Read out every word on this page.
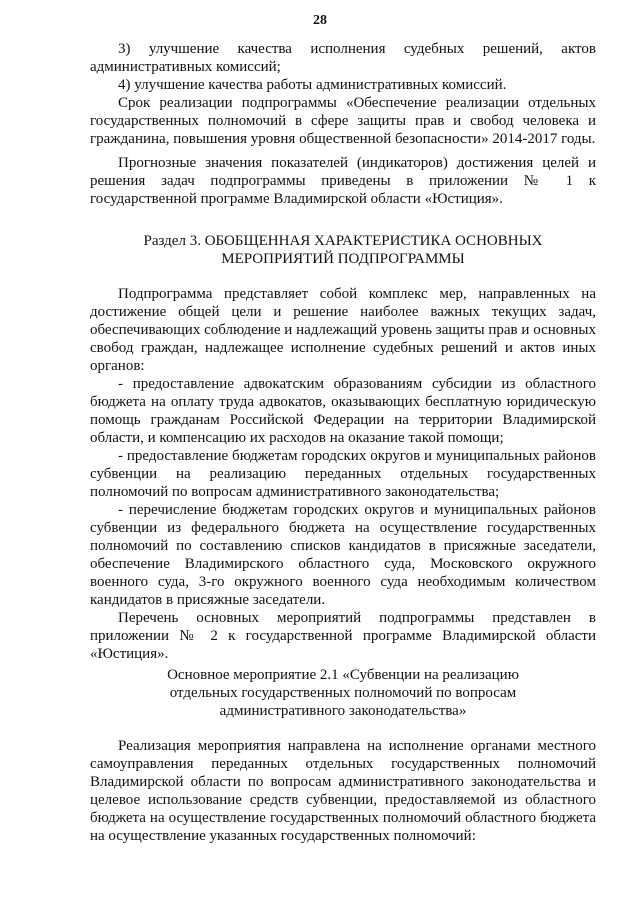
28

3) улучшение качества исполнения судебных решений, актов административных комиссий;

4) улучшение качества работы административных комиссий.

Срок реализации подпрограммы «Обеспечение реализации отдельных государственных полномочий в сфере защиты прав и свобод человека и гражданина, повышения уровня общественной безопасности» 2014-2017 годы.

Прогнозные значения показателей (индикаторов) достижения целей и решения задач подпрограммы приведены в приложении № 1 к государственной программе Владимирской области «Юстиция».

Раздел 3. ОБОБЩЕННАЯ ХАРАКТЕРИСТИКА ОСНОВНЫХ МЕРОПРИЯТИЙ ПОДПРОГРАММЫ

Подпрограмма представляет собой комплекс мер, направленных на достижение общей цели и решение наиболее важных текущих задач, обеспечивающих соблюдение и надлежащий уровень защиты прав и основных свобод граждан, надлежащее исполнение судебных решений и актов иных органов:

- предоставление адвокатским образованиям субсидии из областного бюджета на оплату труда адвокатов, оказывающих бесплатную юридическую помощь гражданам Российской Федерации на территории Владимирской области, и компенсацию их расходов на оказание такой помощи;

- предоставление бюджетам городских округов и муниципальных районов субвенции на реализацию переданных отдельных государственных полномочий по вопросам административного законодательства;

- перечисление бюджетам городских округов и муниципальных районов субвенции из федерального бюджета на осуществление государственных полномочий по составлению списков кандидатов в присяжные заседатели, обеспечение Владимирского областного суда, Московского окружного военного суда, 3-го окружного военного суда необходимым количеством кандидатов в присяжные заседатели.

Перечень основных мероприятий подпрограммы представлен в приложении № 2 к государственной программе Владимирской области «Юстиция».

Основное мероприятие 2.1 «Субвенции на реализацию отдельных государственных полномочий по вопросам административного законодательства»

Реализация мероприятия направлена на исполнение органами местного самоуправления переданных отдельных государственных полномочий Владимирской области по вопросам административного законодательства и целевое использование средств субвенции, предоставляемой из областного бюджета на осуществление государственных полномочий областного бюджета на осуществление указанных государственных полномочий:
